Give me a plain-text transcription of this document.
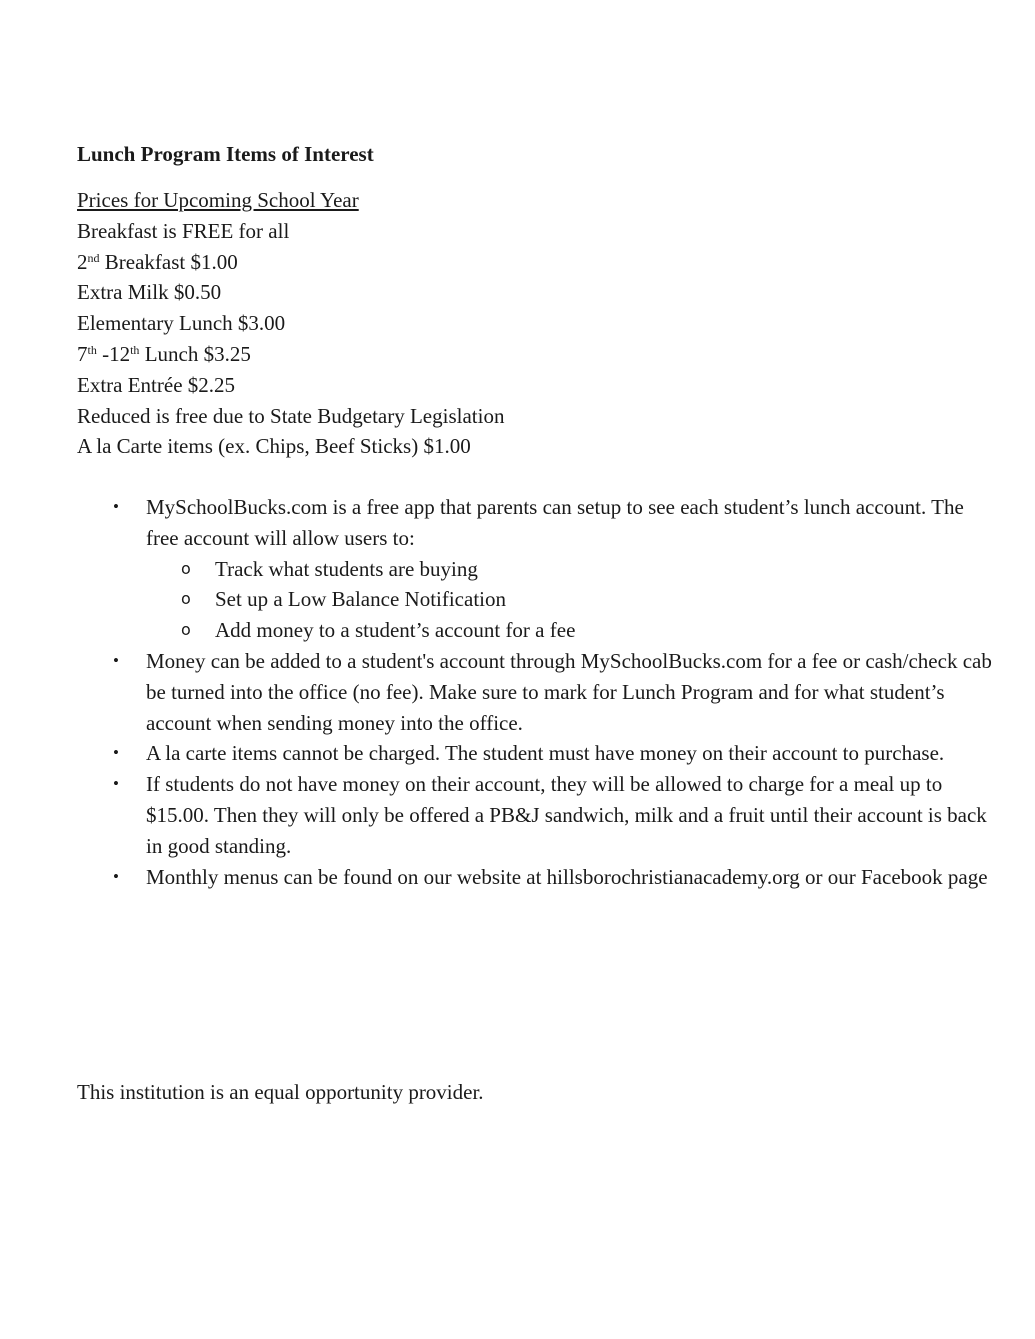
Lunch Program Items of Interest
Prices for Upcoming School Year
Breakfast is FREE for all
2nd Breakfast $1.00
Extra Milk $0.50
Elementary Lunch $3.00
7th -12th Lunch $3.25
Extra Entrée $2.25
Reduced is free due to State Budgetary Legislation
A la Carte items (ex. Chips, Beef Sticks) $1.00
• MySchoolBucks.com is a free app that parents can setup to see each student’s lunch account. The free account will allow users to:
o Track what students are buying
o Set up a Low Balance Notification
o Add money to a student’s account for a fee
• Money can be added to a student's account through MySchoolBucks.com for a fee or cash/check cab be turned into the office (no fee). Make sure to mark for Lunch Program and for what student’s account when sending money into the office.
• A la carte items cannot be charged. The student must have money on their account to purchase.
• If students do not have money on their account, they will be allowed to charge for a meal up to $15.00. Then they will only be offered a PB&J sandwich, milk and a fruit until their account is back in good standing.
• Monthly menus can be found on our website at hillsborochristianacademy.org or our Facebook page
This institution is an equal opportunity provider.
